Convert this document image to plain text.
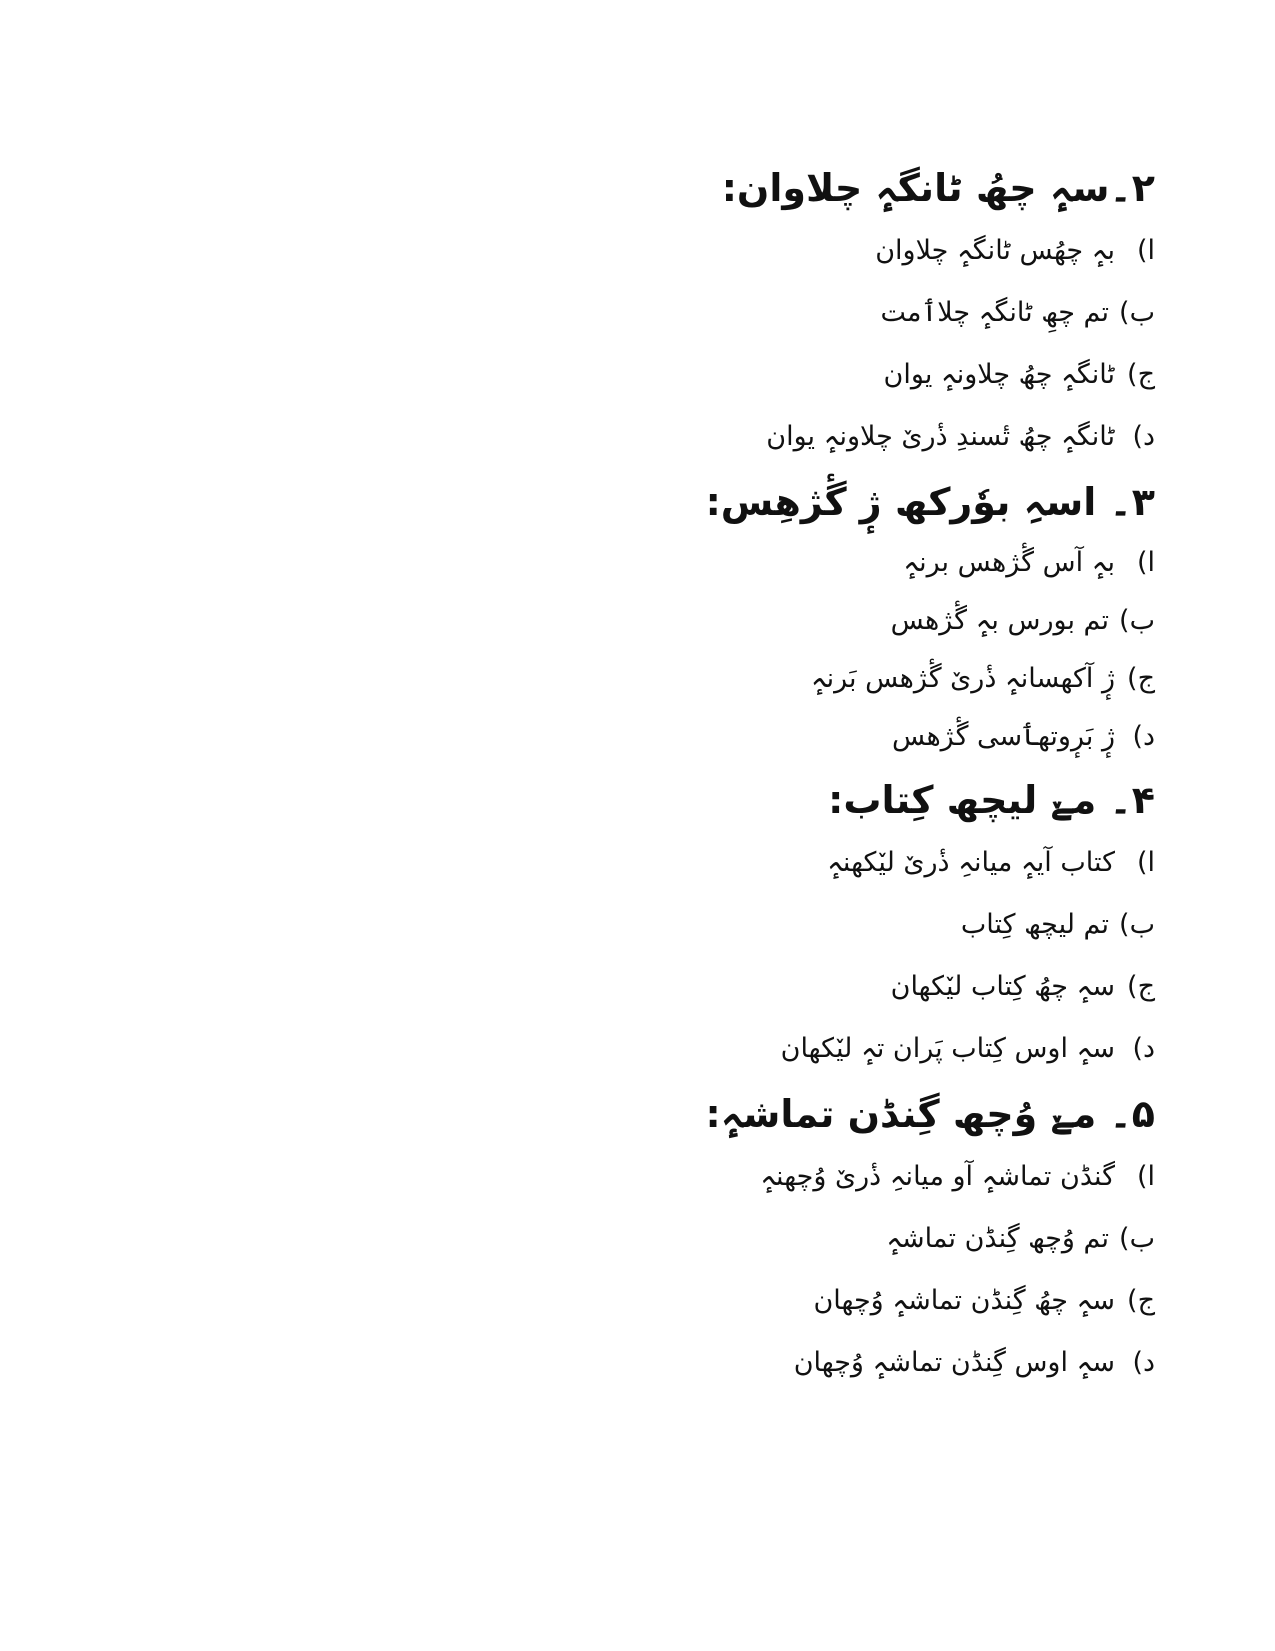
۲۔سہٕ چھُ ٹانگہٕ چلاوان:
ا)
بہٕ چھُس ٹانگہٕ چلاوان
ب)
تم چھِ ٹانگہٕ چلاٲمت
ج)
ٹانگہٕ چھُ چلاونہٕ یوان
د)
ٹانگہٕ چھُ تٔسندِ ذٔریٚ چلاونہٕ یوان
۳۔ اسہِ بوٗرکھ ژٕ گٔژھِس:
ا)
بہٕ آس گٔژھس برنہٕ
ب)
تم بورس بہٕ گٔژھس
ج)
ژٕ آکھسانہٕ ذٔریٚ گٔژھس بَرنہٕ
د)
ژٕ بَرٕوتھٲسی گٔژھس
۴۔ مےٚ لیچھ کِتاب:
ا)
کتاب آیہٕ میانہِ ذٔریٚ لیٚکھنہٕ
ب)
تم لیچھ کِتاب
ج)
سہٕ چھُ کِتاب لیٚکھان
د)
سہٕ اوس کِتاب پَران تہٕ لیٚکھان
۵۔ مےٚ وُچھ گِنڈن تماشہٕ:
ا)
گنڈن تماشہٕ آو میانہِ ذٔریٚ وُچھنہٕ
ب)
تم وُچھ گِنڈن تماشہٕ
ج)
سہٕ چھُ گِنڈن تماشہٕ وُچھان
د)
سہٕ اوس گِنڈن تماشہٕ وُچھان
